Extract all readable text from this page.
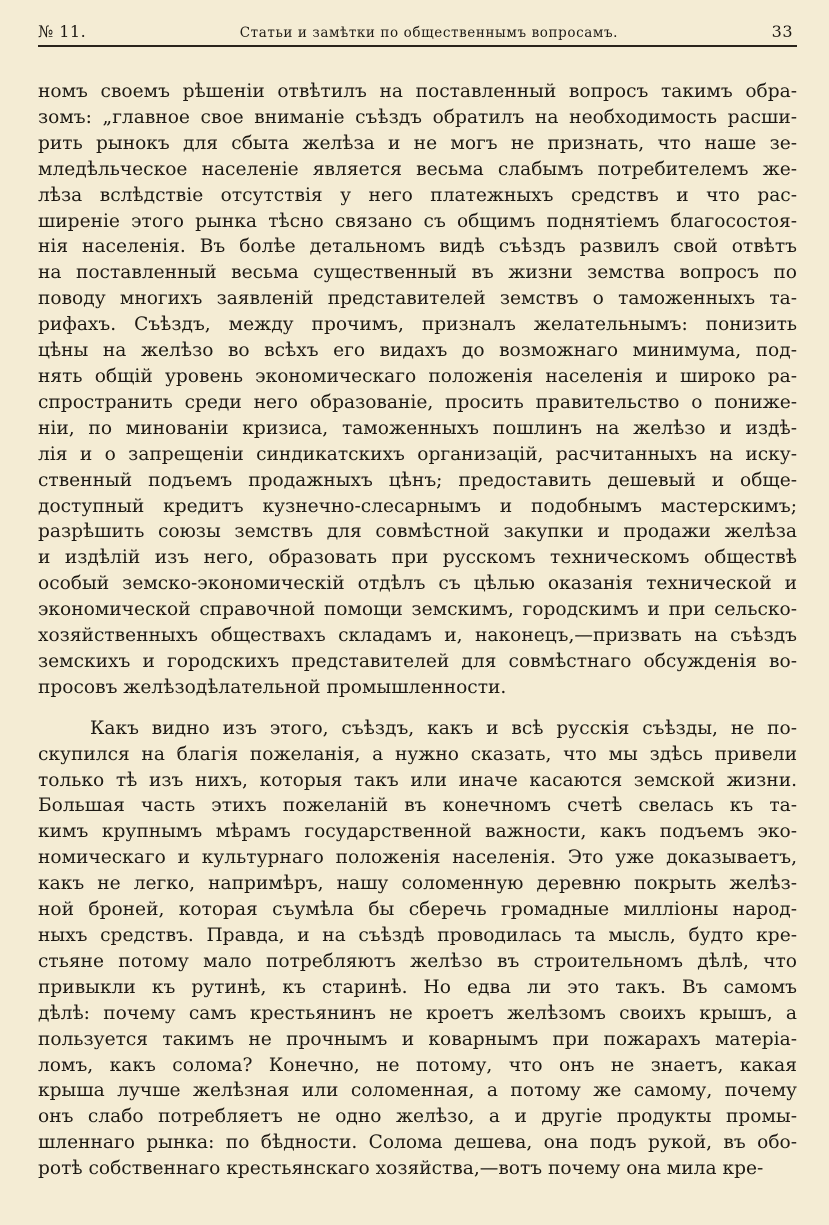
№ 11.	Статьи и замѣтки по общественнымъ вопросамъ.	33

номъ своемъ рѣшеніи отвѣтилъ на поставленный вопросъ такимъ обра-
зомъ: „главное свое вниманіе съѣздъ обратилъ на необходимость расши-
рить рынокъ для сбыта желѣза и не могъ не признать, что наше зе-
мледѣльческое населеніе является весьма слабымъ потребителемъ же-
лѣза вслѣдствіе отсутствія у него платежныхъ средствъ и что рас-
ширеніе этого рынка тѣсно связано съ общимъ поднятіемъ благосостоя-
нія населенія. Въ болѣе детальномъ видѣ съѣздъ развилъ свой отвѣтъ
на поставленный весьма существенный въ жизни земства вопросъ по
поводу многихъ заявленій представителей земствъ о таможенныхъ та-
рифахъ. Съѣздъ, между прочимъ, призналъ желательнымъ: понизить
цѣны на желѣзо во всѣхъ его видахъ до возможнаго минимума, под-
нять общій уровень экономическаго положенія населенія и широко ра-
спространить среди него образованіе, просить правительство о пониже-
ніи, по минованіи кризиса, таможенныхъ пошлинъ на желѣзо и издѣ-
лія и о запрещеніи синдикатскихъ организацій, расчитанныхъ на иску-
ственный подъемъ продажныхъ цѣнъ; предоставить дешевый и обще-
доступный кредитъ кузнечно-слесарнымъ и подобнымъ мастерскимъ;
разрѣшить союзы земствъ для совмѣстной закупки и продажи желѣза
и издѣлій изъ него, образовать при русскомъ техническомъ обществѣ
особый земско-экономическій отдѣлъ съ цѣлью оказанія технической и
экономической справочной помощи земскимъ, городскимъ и при сельско-
хозяйственныхъ обществахъ складамъ и, наконецъ,—призвать на съѣздъ
земскихъ и городскихъ представителей для совмѣстнаго обсужденія во-
просовъ желѣзодѣлательной промышленности.

Какъ видно изъ этого, съѣздъ, какъ и всѣ русскія съѣзды, не по-
скупился на благія пожеланія, а нужно сказать, что мы здѣсь привели
только тѣ изъ нихъ, которыя такъ или иначе касаются земской жизни.
Большая часть этихъ пожеланій въ конечномъ счетѣ свелась къ та-
кимъ крупнымъ мѣрамъ государственной важности, какъ подъемъ эко-
номическаго и культурнаго положенія населенія. Это уже доказываетъ,
какъ не легко, напримѣръ, нашу соломенную деревню покрыть желѣз-
ной броней, которая съумѣла бы сберечь громадные милліоны народ-
ныхъ средствъ. Правда, и на съѣздѣ проводилась та мысль, будто кре-
стьяне потому мало потребляютъ желѣзо въ строительномъ дѣлѣ, что
привыкли къ рутинѣ, къ старинѣ. Но едва ли это такъ. Въ самомъ
дѣлѣ: почему самъ крестьянинъ не кроетъ желѣзомъ своихъ крышъ, а
пользуется такимъ не прочнымъ и коварнымъ при пожарахъ матеріа-
ломъ, какъ солома? Конечно, не потому, что онъ не знаетъ, какая
крыша лучше желѣзная или соломенная, а потому же самому, почему
онъ слабо потребляетъ не одно желѣзо, а и другіе продукты промы-
шленнаго рынка: по бѣдности. Солома дешева, она подъ рукой, въ обо-
ротѣ собственнаго крестьянскаго хозяйства,—вотъ почему она мила кре-
